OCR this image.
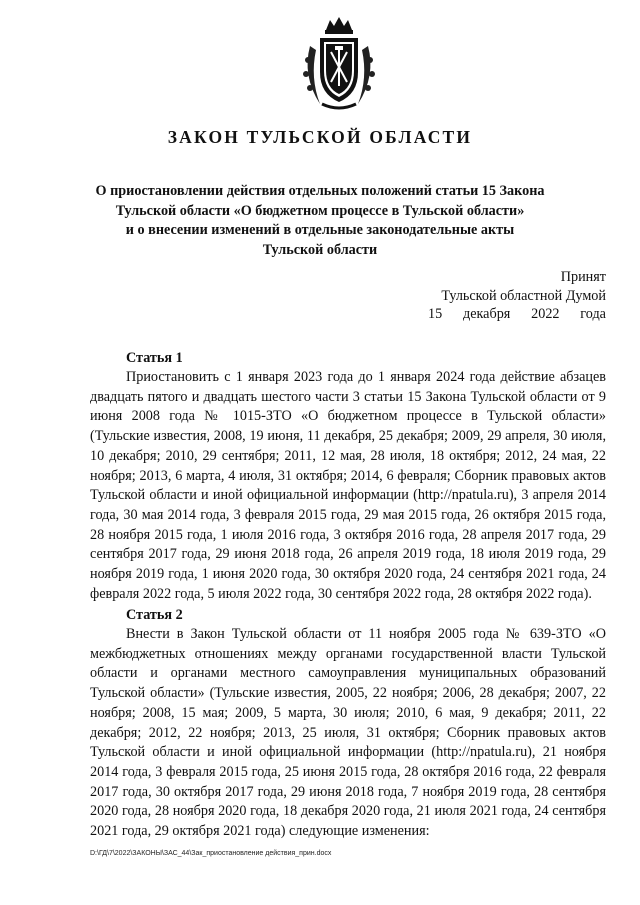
ЗАКОН ТУЛЬСКОЙ ОБЛАСТИ
О приостановлении действия отдельных положений статьи 15 Закона
Тульской области «О бюджетном процессе в Тульской области»
и о внесении изменений в отдельные законодательные акты
Тульской области
Принят
Тульской областной Думой
15 декабря 2022 года
Статья 1
Приостановить с 1 января 2023 года до 1 января 2024 года действие абзацев двадцать пятого и двадцать шестого части 3 статьи 15 Закона Тульской области от 9 июня 2008 года № 1015-ЗТО «О бюджетном процессе в Тульской области» (Тульские известия, 2008, 19 июня, 11 декабря, 25 декабря; 2009, 29 апреля, 30 июля, 10 декабря; 2010, 29 сентября; 2011, 12 мая, 28 июля, 18 октября; 2012, 24 мая, 22 ноября; 2013, 6 марта, 4 июля, 31 октября; 2014, 6 февраля; Сборник правовых актов Тульской области и иной официальной информации (http://npatula.ru), 3 апреля 2014 года, 30 мая 2014 года, 3 февраля 2015 года, 29 мая 2015 года, 26 октября 2015 года, 28 ноября 2015 года, 1 июля 2016 года, 3 октября 2016 года, 28 апреля 2017 года, 29 сентября 2017 года, 29 июня 2018 года, 26 апреля 2019 года, 18 июля 2019 года, 29 ноября 2019 года, 1 июня 2020 года, 30 октября 2020 года, 24 сентября 2021 года, 24 февраля 2022 года, 5 июля 2022 года, 30 сентября 2022 года, 28 октября 2022 года).
Статья 2
Внести в Закон Тульской области от 11 ноября 2005 года № 639-ЗТО «О межбюджетных отношениях между органами государственной власти Тульской области и органами местного самоуправления муниципальных образований Тульской области» (Тульские известия, 2005, 22 ноября; 2006, 28 декабря; 2007, 22 ноября; 2008, 15 мая; 2009, 5 марта, 30 июля; 2010, 6 мая, 9 декабря; 2011, 22 декабря; 2012, 22 ноября; 2013, 25 июля, 31 октября; Сборник правовых актов Тульской области и иной официальной информации (http://npatula.ru), 21 ноября 2014 года, 3 февраля 2015 года, 25 июня 2015 года, 28 октября 2016 года, 22 февраля 2017 года, 30 октября 2017 года, 29 июня 2018 года, 7 ноября 2019 года, 28 сентября 2020 года, 28 ноября 2020 года, 18 декабря 2020 года, 21 июля 2021 года, 24 сентября 2021 года, 29 октября 2021 года) следующие изменения:
D:\ГД\7\2022\ЗАКОНЫ\ЗАС_44\Зак_приостановление действия_прин.docx
